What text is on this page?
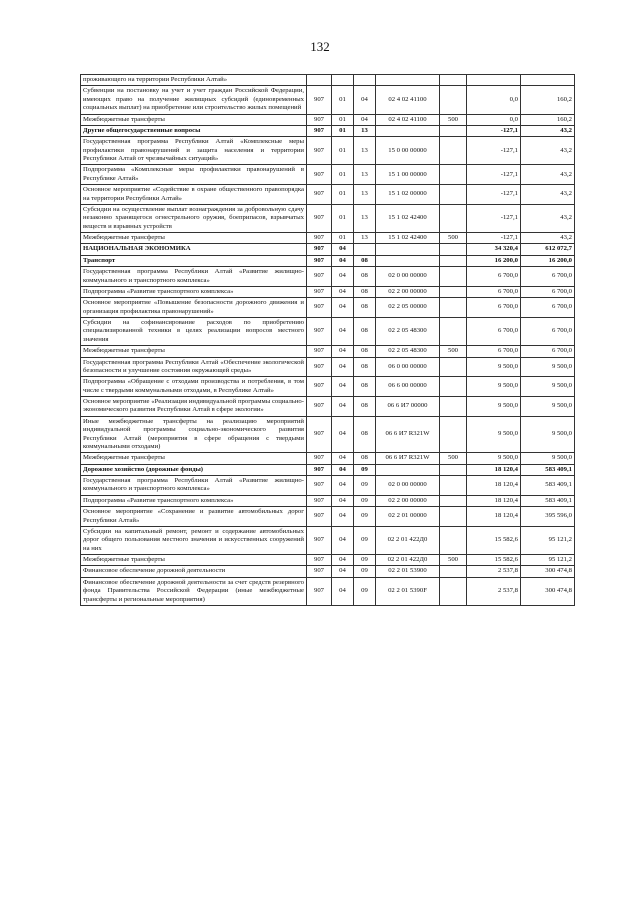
132
проживающего на территории Республики Алтай»							
Субвенции на постановку на учет и учет граждан Российской Федерации, имеющих право на получение жилищных субсидий (единовременных социальных выплат) на приобретение или строительство жилых помещений	907	01	04	02 4 02 41100		0,0	160,2
Межбюджетные трансферты	907	01	04	02 4 02 41100	500	0,0	160,2
Другие общегосударственные вопросы	907	01	13			-127,1	43,2
Государственная программа Республики Алтай «Комплексные меры профилактики правонарушений и защита населения и территории Республики Алтай от чрезвычайных ситуаций»	907	01	13	15 0 00 00000		-127,1	43,2
Подпрограмма «Комплексные меры профилактики правонарушений в Республике Алтай»	907	01	13	15 1 00 00000		-127,1	43,2
Основное мероприятие «Содействие в охране общественного правопорядка на территории Республики Алтай»	907	01	13	15 1 02 00000		-127,1	43,2
Субсидии на осуществление выплат вознаграждения за добровольную сдачу незаконно хранящегося огнестрельного оружия, боеприпасов, взрывчатых веществ и взрывных устройств	907	01	13	15 1 02 42400		-127,1	43,2
Межбюджетные трансферты	907	01	13	15 1 02 42400	500	-127,1	43,2
НАЦИОНАЛЬНАЯ ЭКОНОМИКА	907	04				34 320,4	612 072,7
Транспорт	907	04	08			16 200,0	16 200,0
Государственная программа Республики Алтай «Развитие жилищно-коммунального и транспортного комплекса»	907	04	08	02 0 00 00000		6 700,0	6 700,0
Подпрограмма «Развитие транспортного комплекса»	907	04	08	02 2 00 00000		6 700,0	6 700,0
Основное мероприятие «Повышение безопасности дорожного движения и организация профилактика правонарушений»	907	04	08	02 2 05 00000		6 700,0	6 700,0
Субсидии на софинансирование расходов по приобретению специализированной техники в целях реализации вопросов местного значения	907	04	08	02 2 05 48300		6 700,0	6 700,0
Межбюджетные трансферты	907	04	08	02 2 05 48300	500	6 700,0	6 700,0
Государственная программа Республики Алтай «Обеспечение экологической безопасности и улучшение состояния окружающей среды»	907	04	08	06 0 00 00000		9 500,0	9 500,0
Подпрограмма «Обращение с отходами производства и потребления, в том числе с твердыми коммунальными отходами, в Республике Алтай»	907	04	08	06 6 00 00000		9 500,0	9 500,0
Основное мероприятие «Реализация индивидуальной программы социально-экономического развития Республики Алтай в сфере экологии»	907	04	08	06 6 И7 00000		9 500,0	9 500,0
Иные межбюджетные трансферты на реализацию мероприятий индивидуальной программы социально-экономического развития Республики Алтай (мероприятия в сфере обращения с твердыми коммунальными отходами)	907	04	08	06 6 И7 R321W		9 500,0	9 500,0
Межбюджетные трансферты	907	04	08	06 6 И7 R321W	500	9 500,0	9 500,0
Дорожное хозяйство (дорожные фонды)	907	04	09			18 120,4	583 409,1
Государственная программа Республики Алтай «Развитие жилищно-коммунального и транспортного комплекса»	907	04	09	02 0 00 00000		18 120,4	583 409,1
Подпрограмма «Развитие транспортного комплекса»	907	04	09	02 2 00 00000		18 120,4	583 409,1
Основное мероприятие «Сохранение и развитие автомобильных дорог Республики Алтай»	907	04	09	02 2 01 00000		18 120,4	395 596,0
Субсидии на капитальный ремонт, ремонт и содержание автомобильных дорог общего пользования местного значения и искусственных сооружений на них	907	04	09	02 2 01 422Д0		15 582,6	95 121,2
Межбюджетные трансферты	907	04	09	02 2 01 422Д0	500	15 582,6	95 121,2
Финансовое обеспечение дорожной деятельности	907	04	09	02 2 01 53900		2 537,8	300 474,8
Финансовое обеспечение дорожной деятельности за счет средств резервного фонда Правительства Российской Федерации (иные межбюджетные трансферты и региональные мероприятия)	907	04	09	02 2 01 5390F		2 537,8	300 474,8
